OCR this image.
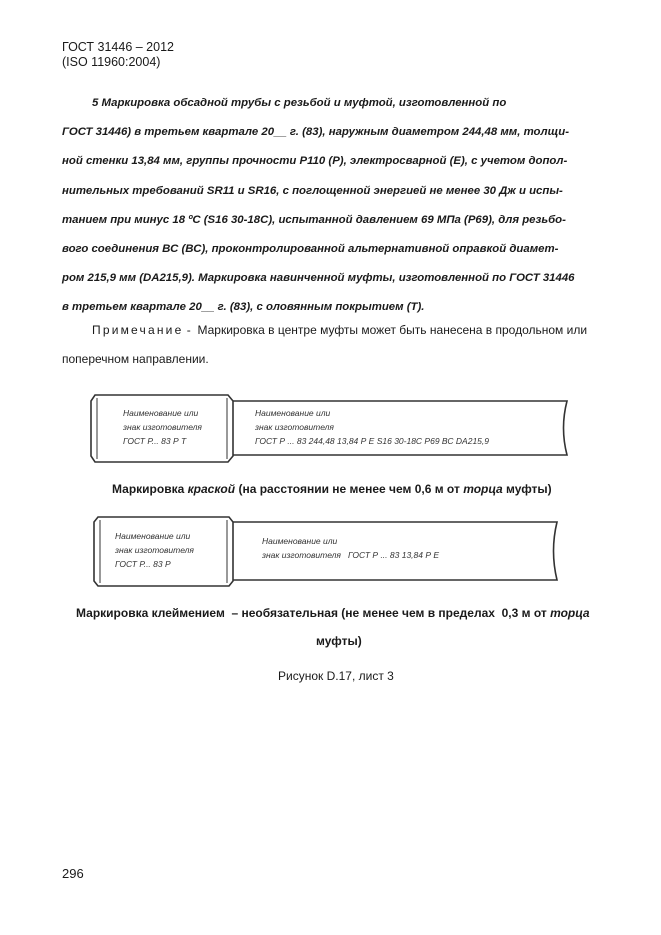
ГОСТ 31446 – 2012
(ISO 11960:2004)

5 Маркировка обсадной трубы с резьбой и муфтой, изготовленной по
ГОСТ 31446) в третьем квартале 20__ г. (83), наружным диаметром 244,48 мм, толщи-
ной стенки 13,84 мм, группы прочности Р110 (Р), электросварной (Е), с учетом допол-
нительных требований SR11 и SR16, с поглощенной энергией не менее 30 Дж и испы-
танием при минус 18 ºС (S16 30-18С), испытанной давлением 69 МПа (Р69), для резьбо-
вого соединения ВС (ВС), проконтролированной альтернативной оправкой диамет-
ром 215,9 мм (DA215,9). Маркировка навинченной муфты, изготовленной по ГОСТ 31446
в третьем квартале 20__ г. (83), с оловянным покрытием (Т).

Примечание -  Маркировка в центре муфты может быть нанесена в продольном или
поперечном направлении.

Наименование или
знак изготовителя
ГОСТ Р... 83 Р Т
Наименование или
знак изготовителя
ГОСТ Р ... 83 244,48 13,84 Р Е S16 30-18С Р69 ВС DA215,9
Наименование или
знак изготовителя
ГОСТ Р... 83 Р
Наименование или
знак изготовителя   ГОСТ Р ... 83 13,84 Р Е
Маркировка краской (на расстоянии не менее чем 0,6 м от торца муфты)
Маркировка клеймением  – необязательная (не менее чем в пределах  0,3 м от торца
муфты)
Рисунок D.17, лист 3
296
